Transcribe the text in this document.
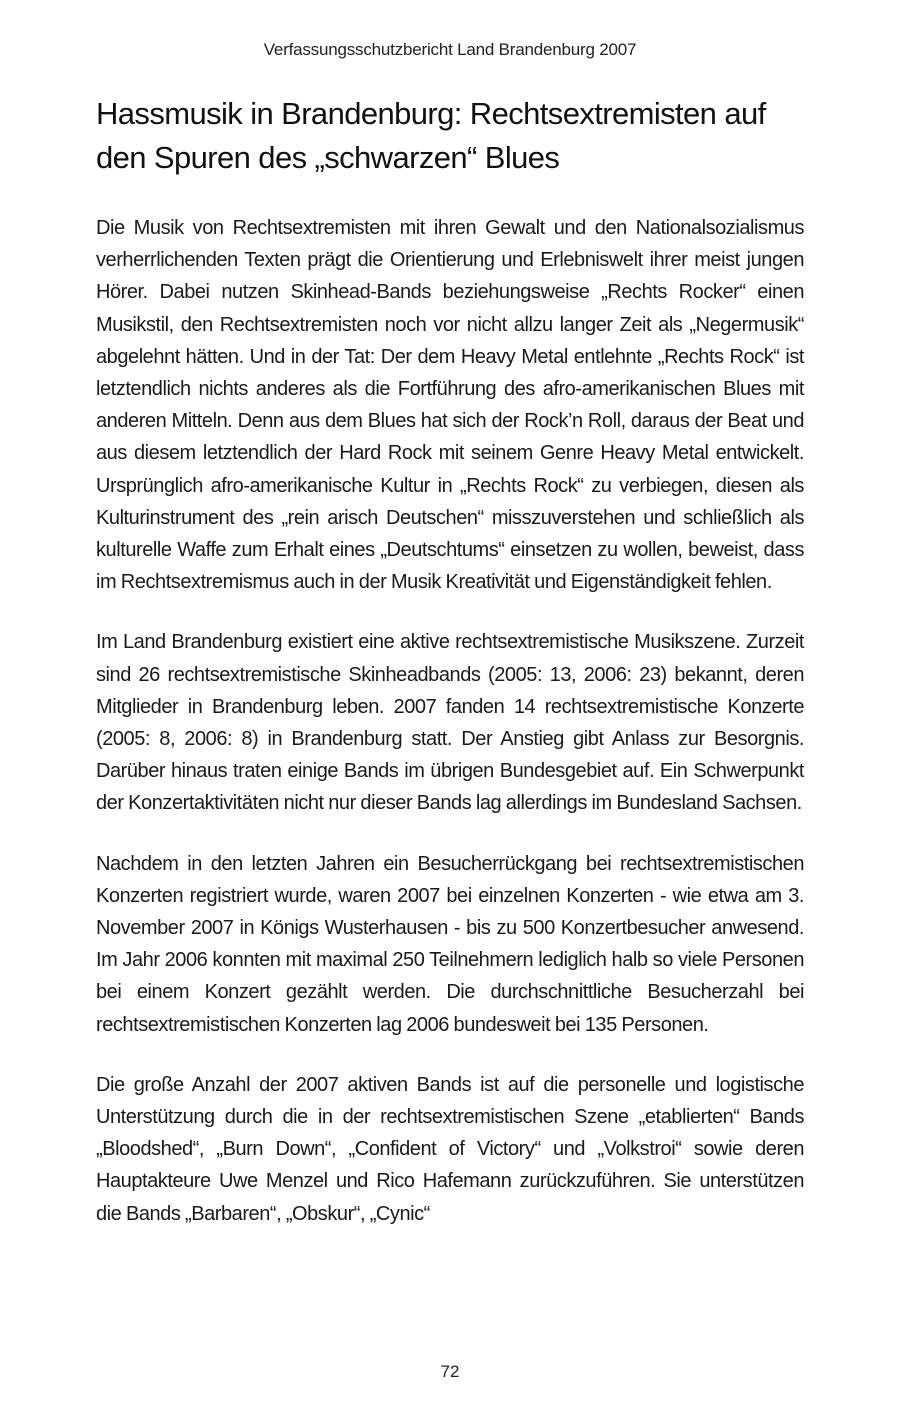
Verfassungsschutzbericht Land Brandenburg 2007
Hassmusik in Brandenburg: Rechtsextremisten auf den Spuren des „schwarzen“ Blues

Die Musik von Rechtsextremisten mit ihren Gewalt und den Nationalsozialismus verherrlichenden Texten prägt die Orientierung und Erlebniswelt ihrer meist jungen Hörer. Dabei nutzen Skinhead-Bands beziehungsweise „Rechts Rocker“ einen Musikstil, den Rechtsextremisten noch vor nicht allzu langer Zeit als „Negermusik“ abgelehnt hätten. Und in der Tat: Der dem Heavy Metal entlehnte „Rechts Rock“ ist letztendlich nichts anderes als die Fortführung des afro-amerikanischen Blues mit anderen Mitteln. Denn aus dem Blues hat sich der Rock’n Roll, daraus der Beat und aus diesem letztendlich der Hard Rock mit seinem Genre Heavy Metal entwickelt. Ursprünglich afro-amerikanische Kultur in „Rechts Rock“ zu verbiegen, diesen als Kulturinstrument des „rein arisch Deutschen“ misszuverstehen und schließlich als kulturelle Waffe zum Erhalt eines „Deutschtums“ einsetzen zu wollen, beweist, dass im Rechtsextremismus auch in der Musik Kreativität und Eigenständigkeit fehlen.

Im Land Brandenburg existiert eine aktive rechtsextremistische Musikszene. Zurzeit sind 26 rechtsextremistische Skinheadbands (2005: 13, 2006: 23) bekannt, deren Mitglieder in Brandenburg leben. 2007 fanden 14 rechtsextremistische Konzerte (2005: 8, 2006: 8) in Brandenburg statt. Der Anstieg gibt Anlass zur Besorgnis. Darüber hinaus traten einige Bands im übrigen Bundesgebiet auf. Ein Schwerpunkt der Konzertaktivitäten nicht nur dieser Bands lag allerdings im Bundesland Sachsen.

Nachdem in den letzten Jahren ein Besucherrückgang bei rechtsextremistischen Konzerten registriert wurde, waren 2007 bei einzelnen Konzerten - wie etwa am 3. November 2007 in Königs Wusterhausen - bis zu 500 Konzertbesucher anwesend. Im Jahr 2006 konnten mit maximal 250 Teilnehmern lediglich halb so viele Personen bei einem Konzert gezählt werden. Die durchschnittliche Besucherzahl bei rechtsextremistischen Konzerten lag 2006 bundesweit bei 135 Personen.

Die große Anzahl der 2007 aktiven Bands ist auf die personelle und logistische Unterstützung durch die in der rechtsextremistischen Szene „etablierten“ Bands „Bloodshed“, „Burn Down“, „Confident of Victory“ und „Volkstroi“ sowie deren Hauptakteure Uwe Menzel und Rico Hafemann zurückzuführen. Sie unterstützen die Bands „Barbaren“, „Obskur“, „Cynic“

72
